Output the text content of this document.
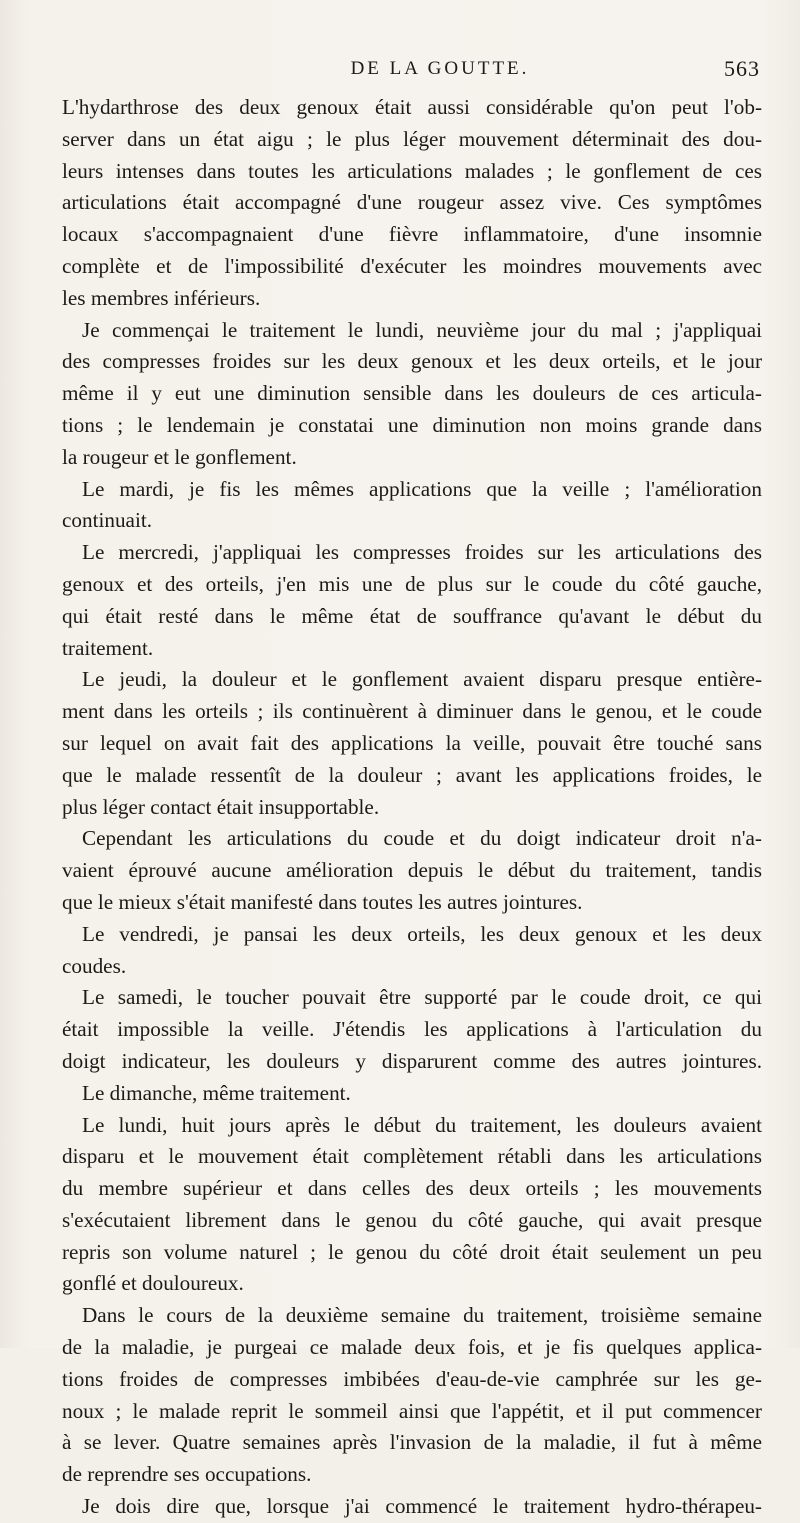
DE LA GOUTTE.	563
L'hydarthrose des deux genoux était aussi considérable qu'on peut l'ob-
server dans un état aigu ; le plus léger mouvement déterminait des dou-
leurs intenses dans toutes les articulations malades ; le gonflement de ces
articulations était accompagné d'une rougeur assez vive. Ces symptômes
locaux s'accompagnaient d'une fièvre inflammatoire, d'une insomnie
complète et de l'impossibilité d'exécuter les moindres mouvements avec
les membres inférieurs.
Je commençai le traitement le lundi, neuvième jour du mal ; j'appliquai
des compresses froides sur les deux genoux et les deux orteils, et le jour
même il y eut une diminution sensible dans les douleurs de ces articula-
tions ; le lendemain je constatai une diminution non moins grande dans
la rougeur et le gonflement.
Le mardi, je fis les mêmes applications que la veille ; l'amélioration
continuait.
Le mercredi, j'appliquai les compresses froides sur les articulations des
genoux et des orteils, j'en mis une de plus sur le coude du côté gauche,
qui était resté dans le même état de souffrance qu'avant le début du
traitement.
Le jeudi, la douleur et le gonflement avaient disparu presque entière-
ment dans les orteils ; ils continuèrent à diminuer dans le genou, et le coude
sur lequel on avait fait des applications la veille, pouvait être touché sans
que le malade ressentît de la douleur ; avant les applications froides, le
plus léger contact était insupportable.
Cependant les articulations du coude et du doigt indicateur droit n'a-
vaient éprouvé aucune amélioration depuis le début du traitement, tandis
que le mieux s'était manifesté dans toutes les autres jointures.
Le vendredi, je pansai les deux orteils, les deux genoux et les deux
coudes.
Le samedi, le toucher pouvait être supporté par le coude droit, ce qui
était impossible la veille. J'étendis les applications à l'articulation du
doigt indicateur, les douleurs y disparurent comme des autres jointures.
Le dimanche, même traitement.
Le lundi, huit jours après le début du traitement, les douleurs avaient
disparu et le mouvement était complètement rétabli dans les articulations
du membre supérieur et dans celles des deux orteils ; les mouvements
s'exécutaient librement dans le genou du côté gauche, qui avait presque
repris son volume naturel ; le genou du côté droit était seulement un peu
gonflé et douloureux.
Dans le cours de la deuxième semaine du traitement, troisième semaine
de la maladie, je purgeai ce malade deux fois, et je fis quelques applica-
tions froides de compresses imbibées d'eau-de-vie camphrée sur les ge-
noux ; le malade reprit le sommeil ainsi que l'appétit, et il put commencer
à se lever. Quatre semaines après l'invasion de la maladie, il fut à même
de reprendre ses occupations.
Je dois dire que, lorsque j'ai commencé le traitement hydro-thérapeu-
